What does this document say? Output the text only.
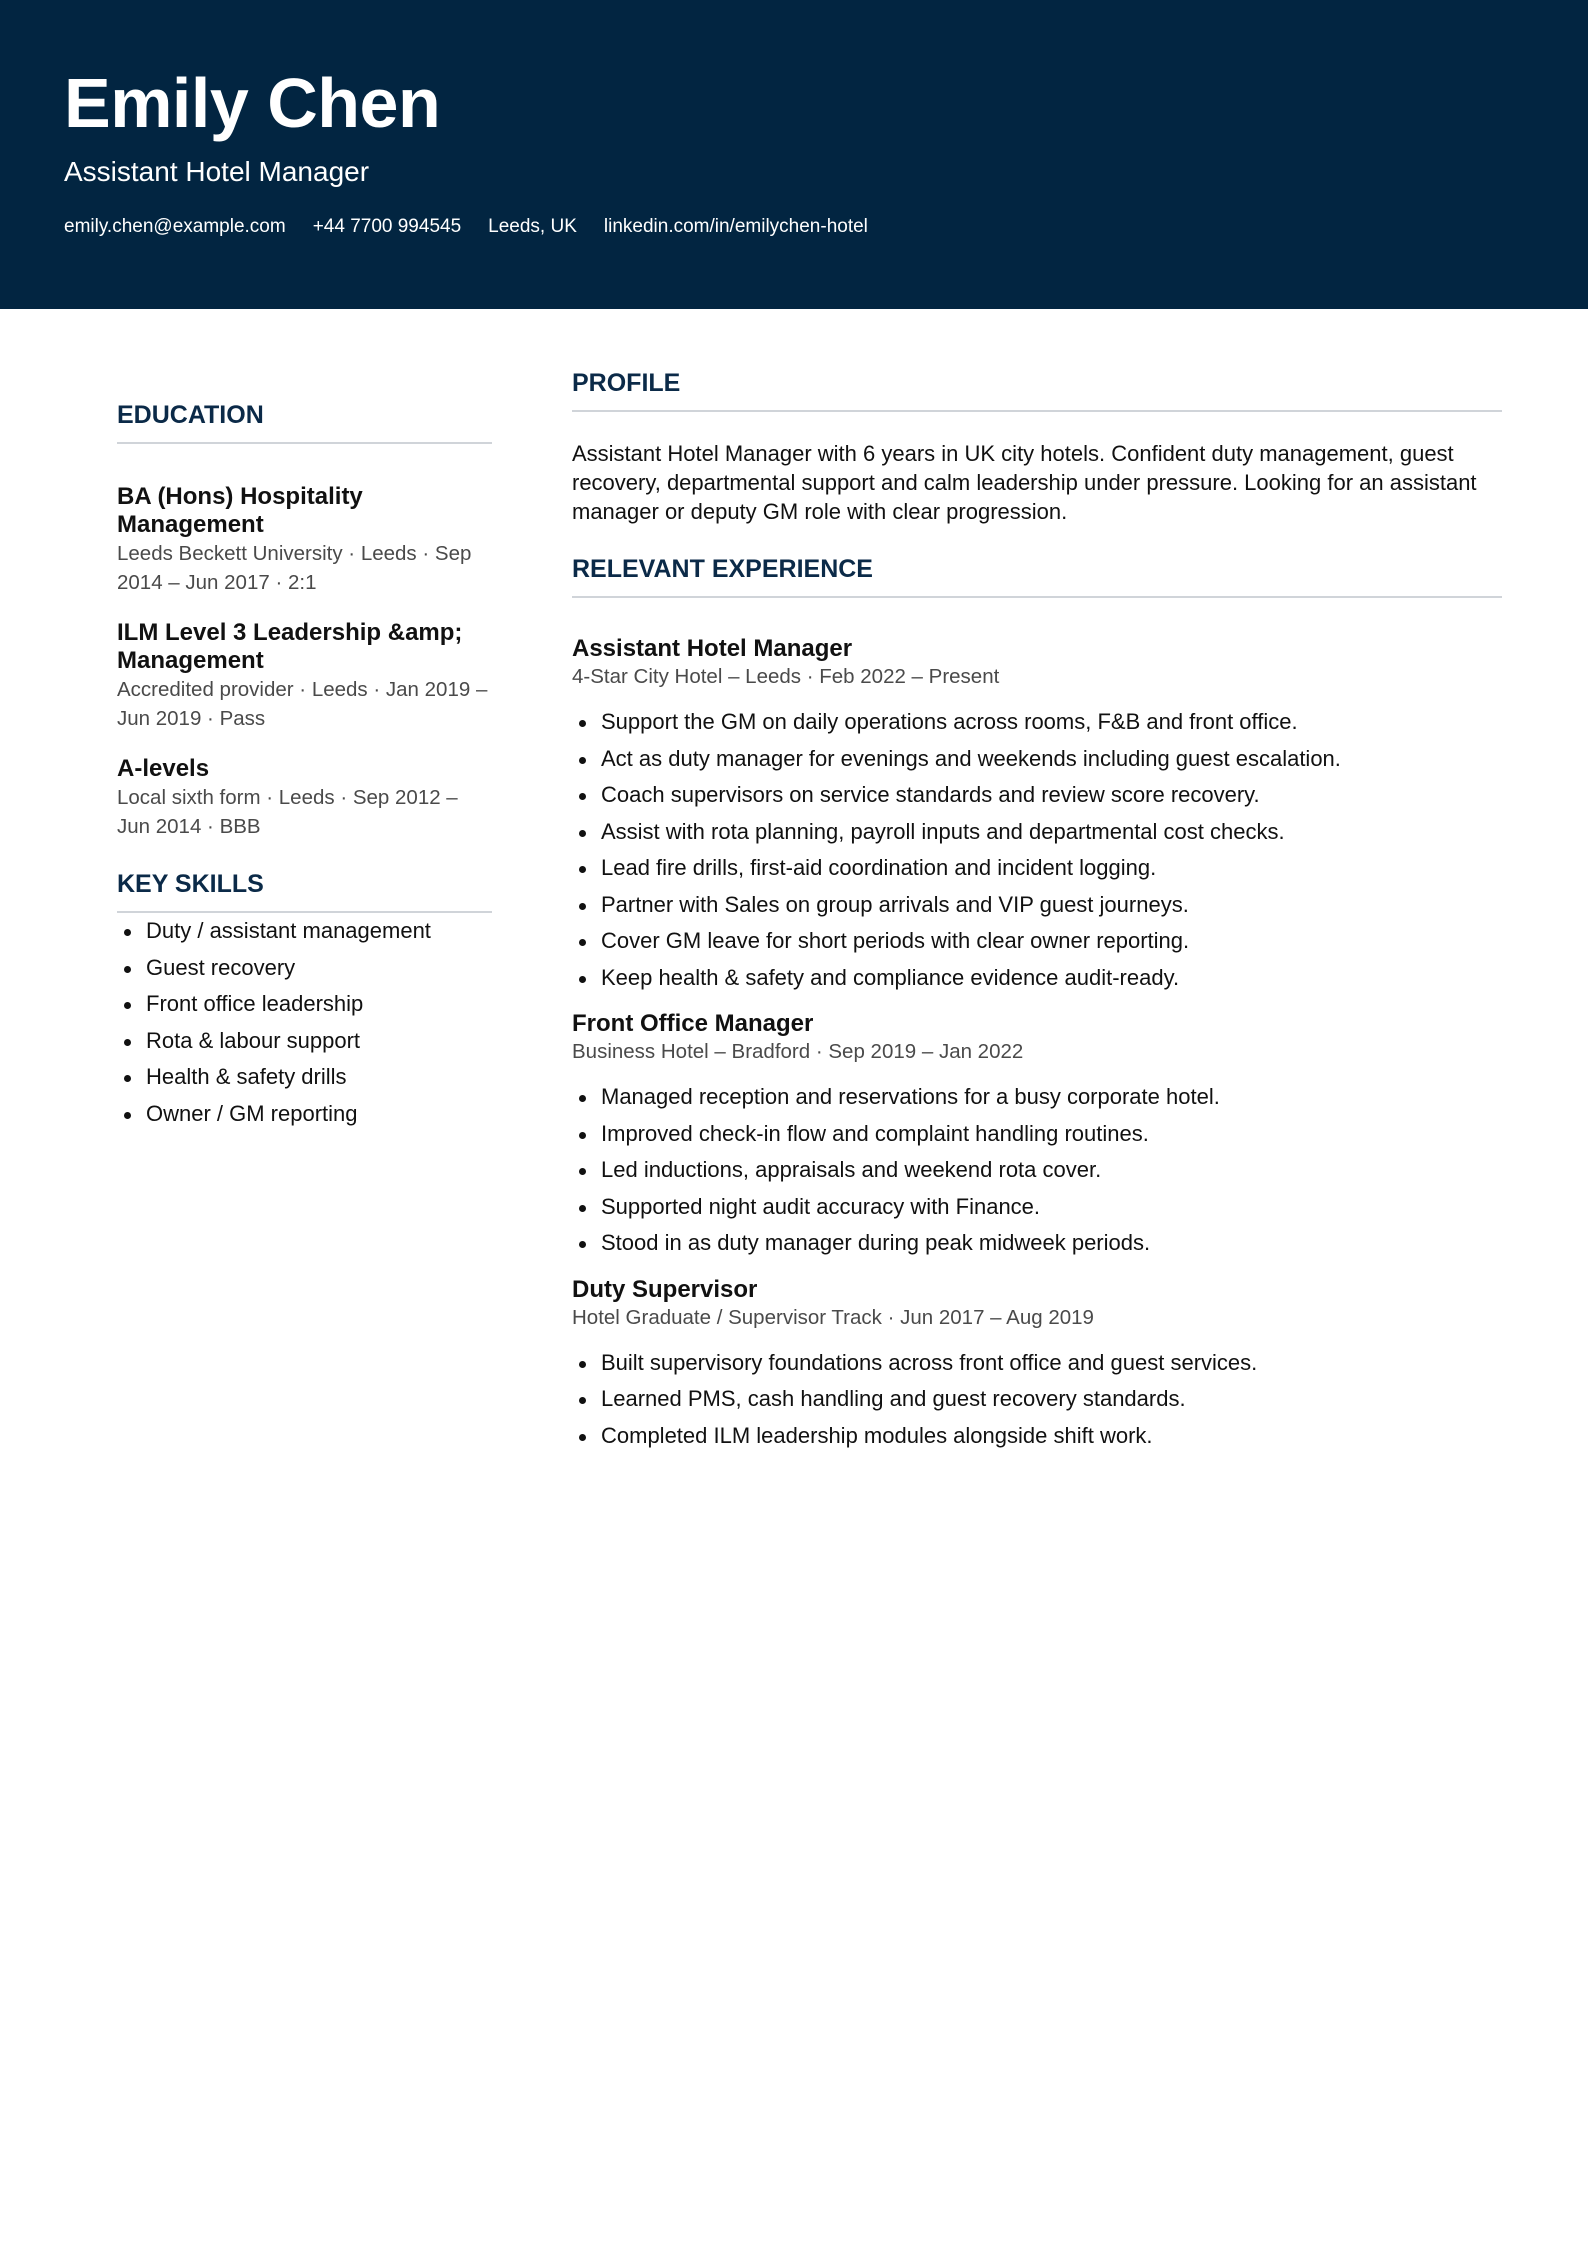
Emily Chen
Assistant Hotel Manager
emily.chen@example.com +44 7700 994545 Leeds, UK linkedin.com/in/emilychen-hotel
EDUCATION
BA (Hons) Hospitality Management
Leeds Beckett University · Leeds · Sep 2014 – Jun 2017 · 2:1
ILM Level 3 Leadership &amp; Management
Accredited provider · Leeds · Jan 2019 – Jun 2019 · Pass
A-levels
Local sixth form · Leeds · Sep 2012 – Jun 2014 · BBB
KEY SKILLS
Duty / assistant management
Guest recovery
Front office leadership
Rota & labour support
Health & safety drills
Owner / GM reporting
PROFILE
Assistant Hotel Manager with 6 years in UK city hotels. Confident duty management, guest recovery, departmental support and calm leadership under pressure. Looking for an assistant manager or deputy GM role with clear progression.
RELEVANT EXPERIENCE
Assistant Hotel Manager
4-Star City Hotel – Leeds · Feb 2022 – Present
Support the GM on daily operations across rooms, F&B and front office.
Act as duty manager for evenings and weekends including guest escalation.
Coach supervisors on service standards and review score recovery.
Assist with rota planning, payroll inputs and departmental cost checks.
Lead fire drills, first-aid coordination and incident logging.
Partner with Sales on group arrivals and VIP guest journeys.
Cover GM leave for short periods with clear owner reporting.
Keep health & safety and compliance evidence audit-ready.
Front Office Manager
Business Hotel – Bradford · Sep 2019 – Jan 2022
Managed reception and reservations for a busy corporate hotel.
Improved check-in flow and complaint handling routines.
Led inductions, appraisals and weekend rota cover.
Supported night audit accuracy with Finance.
Stood in as duty manager during peak midweek periods.
Duty Supervisor
Hotel Graduate / Supervisor Track · Jun 2017 – Aug 2019
Built supervisory foundations across front office and guest services.
Learned PMS, cash handling and guest recovery standards.
Completed ILM leadership modules alongside shift work.
